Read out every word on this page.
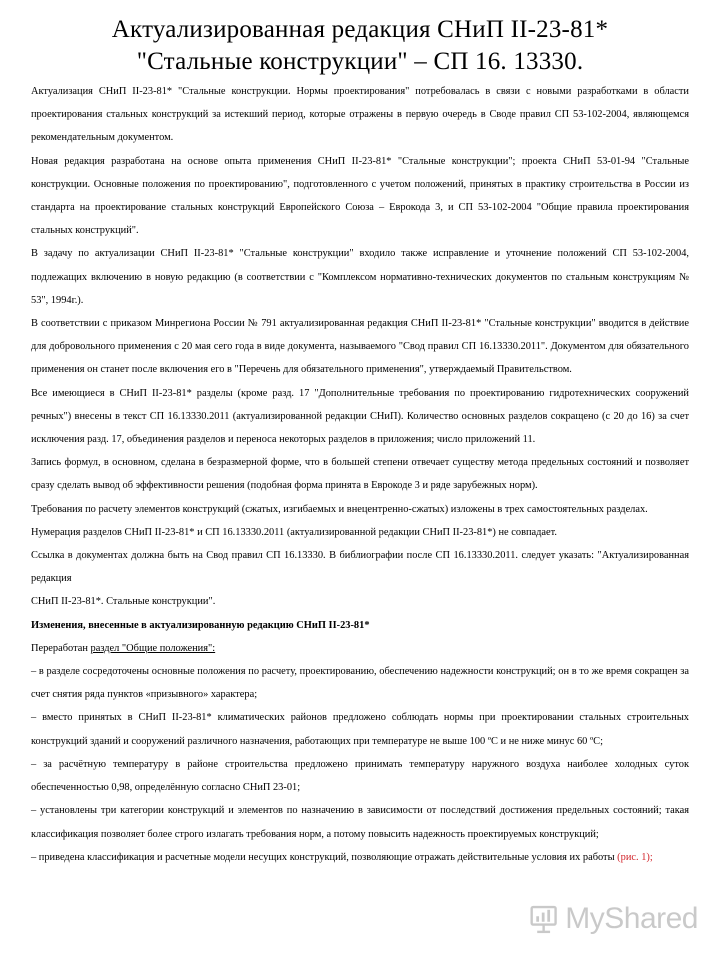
Актуализированная редакция СНиП II-23-81*
"Стальные конструкции" – СП 16. 13330.

Актуализация СНиП II-23-81* "Стальные конструкции. Нормы проектирования" потребовалась в связи с новыми разработками в области проектирования стальных конструкций за истекший период, которые отражены в первую очередь в Своде правил СП 53-102-2004, являющемся рекомендательным документом.

Новая редакция разработана на основе опыта применения СНиП II-23-81* "Стальные конструкции"; проекта СНиП 53-01-94 "Стальные конструкции. Основные положения по проектированию", подготовленного с учетом положений, принятых в практику строительства в России из стандарта на проектирование стальных конструкций Европейского Союза – Еврокода 3, и СП 53-102-2004 "Общие правила проектирования стальных конструкций".

В задачу по актуализации СНиП II-23-81* "Стальные конструкции" входило также исправление и уточнение положений СП 53-102-2004, подлежащих включению в новую редакцию (в соответствии с "Комплексом нормативно-технических документов по стальным конструкциям № 53", 1994г.).

В соответствии с приказом Минрегиона России № 791 актуализированная редакция СНиП II-23-81* "Стальные конструкции" вводится в действие для добровольного применения с 20 мая сего года в виде документа, называемого "Свод правил СП 16.13330.2011". Документом для обязательного применения он станет после включения его в "Перечень для обязательного применения", утверждаемый Правительством.

Все имеющиеся в СНиП II-23-81* разделы (кроме разд. 17 "Дополнительные требования по проектированию гидротехнических сооружений речных") внесены в текст СП 16.13330.2011 (актуализированной редакции СНиП). Количество основных разделов сокращено (с 20 до 16) за счет исключения разд. 17, объединения разделов и переноса некоторых разделов в приложения; число приложений 11.

Запись формул, в основном, сделана в безразмерной форме, что в большей степени отвечает существу метода предельных состояний и позволяет сразу сделать вывод об эффективности решения (подобная форма принята в Еврокоде 3 и ряде зарубежных норм).

Требования по расчету элементов конструкций (сжатых, изгибаемых и внецентренно-сжатых) изложены в трех самостоятельных разделах.

Нумерация разделов СНиП II-23-81* и СП 16.13330.2011 (актуализированной редакции СНиП II-23-81*) не совпадает.

Ссылка в документах должна быть на Свод правил СП 16.13330. В библиографии после СП 16.13330.2011. следует указать: "Актуализированная редакция

СНиП II-23-81*. Стальные конструкции".

Изменения, внесенные в актуализированную редакцию СНиП II-23-81*

Переработан раздел "Общие положения":

– в разделе сосредоточены основные положения по расчету, проектированию, обеспечению надежности конструкций; он в то же время сокращен за счет снятия ряда пунктов «призывного» характера;

– вместо принятых в СНиП II-23-81* климатических районов предложено соблюдать нормы при проектировании стальных строительных конструкций зданий и сооружений различного назначения, работающих при температуре не выше 100 ºС и не ниже минус 60 ºС;

– за расчётную температуру в районе строительства предложено принимать температуру наружного воздуха наиболее холодных суток обеспеченностью 0,98, определённую согласно СНиП 23-01;

– установлены три категории конструкций и элементов по назначению в зависимости от последствий достижения предельных состояний; такая классификация позволяет более строго излагать требования норм, а потому повысить надежность проектируемых конструкций;

– приведена классификация и расчетные модели несущих конструкций, позволяющие отражать действительные условия их работы (рис. 1);

MyShared
